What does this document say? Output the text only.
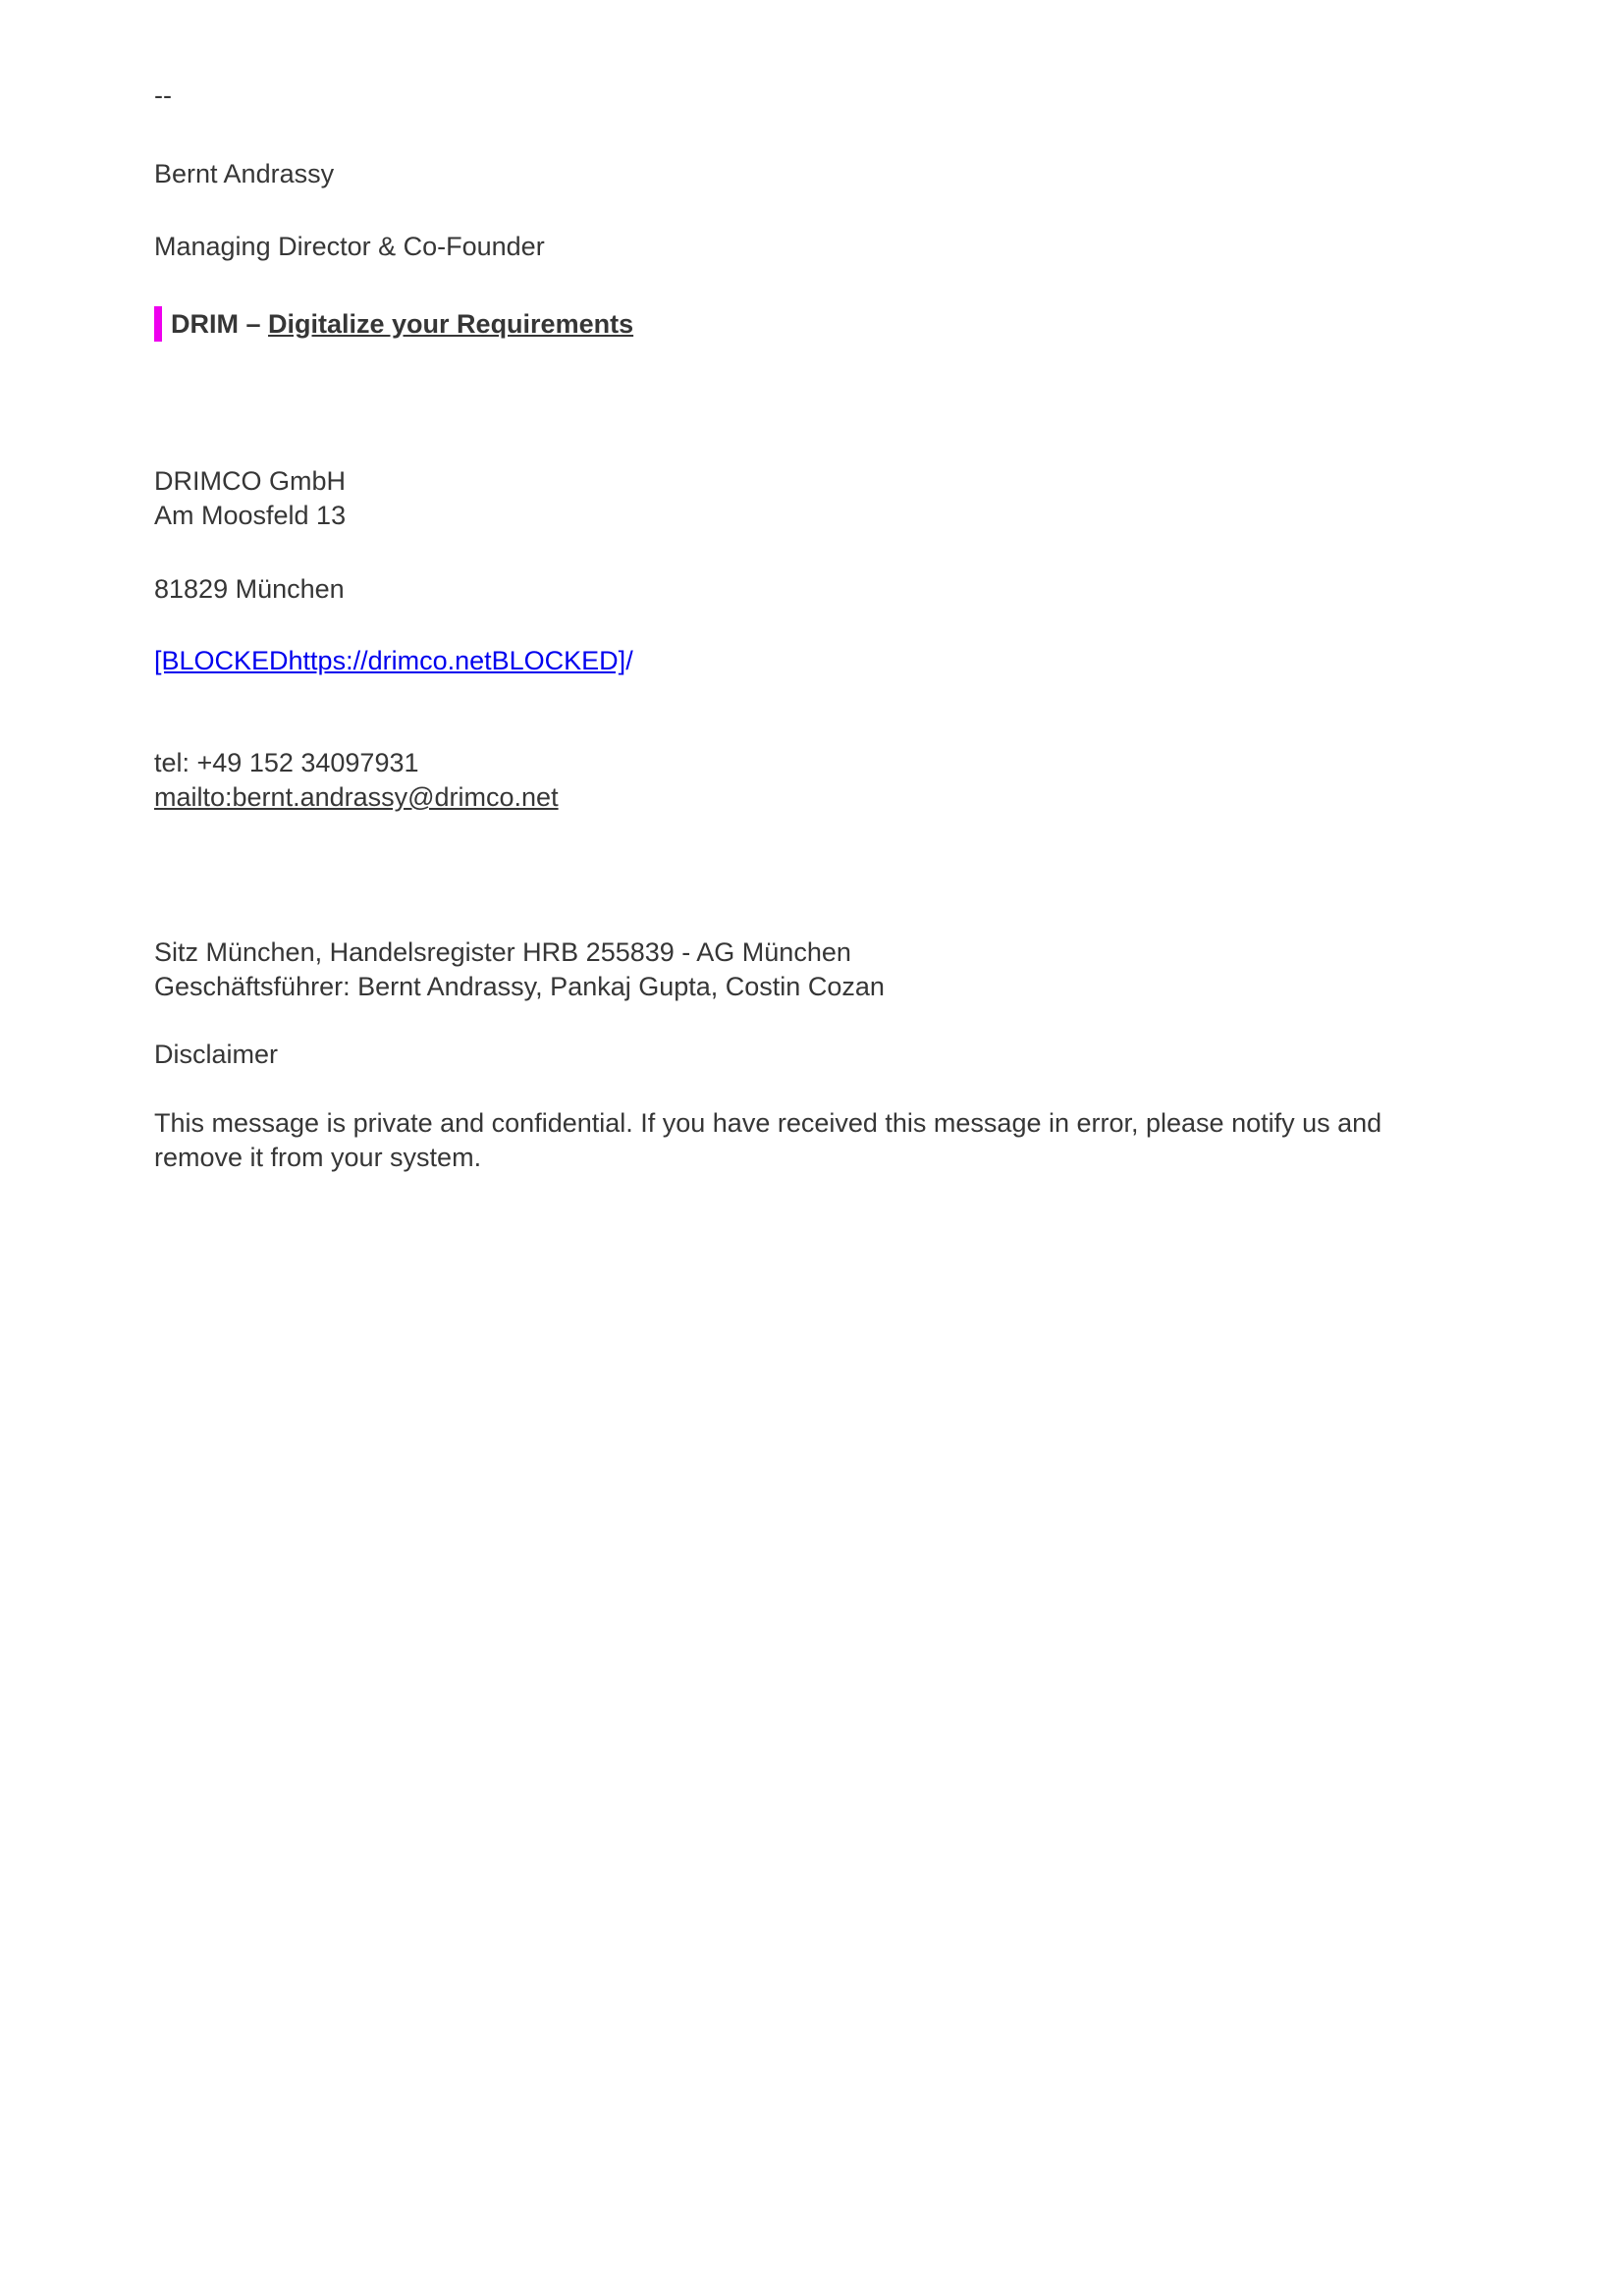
--
Bernt Andrassy
Managing Director & Co-Founder
DRIM – Digitalize your Requirements
DRIMCO GmbH
Am Moosfeld 13
81829 München
[BLOCKEDhttps://drimco.netBLOCKED]/
tel: +49 152 34097931
mailto:bernt.andrassy@drimco.net
Sitz München, Handelsregister HRB 255839 - AG München
Geschäftsführer: Bernt Andrassy, Pankaj Gupta, Costin Cozan
Disclaimer
This message is private and confidential. If you have received this message in error, please notify us and remove it from your system.
